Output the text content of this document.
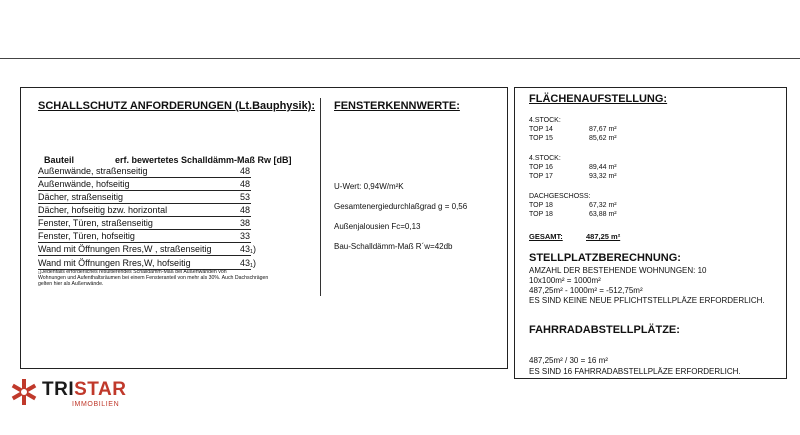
SCHALLSCHUTZ ANFORDERUNGEN (Lt.Bauphysik):
Bauteil	erf. bewertetes Schalldämm-Maß Rw [dB]
Außenwände, straßenseitig	48
Außenwände, hofseitig	48
Dächer, straßenseitig	53
Dächer, hofseitig bzw. horizontal	48
Fenster, Türen, straßenseitig	38
Fenster, Türen, hofseitig	33
Wand mit Öffnungen Rres,W , straßenseitig	43₁)
Wand mit Öffnungen Rres,W, hofseitig	43₁)
₁)Jedenfalls erforderliches resultierendes Schalldämm-Maß bei Außenwänden von
Wohnungen und Aufenthaltsräumen bei einem Fensteranteil von mehr als 30%. Auch Dachschrägen
gelten hier als Außenwände.
FENSTERKENNWERTE:
U-Wert: 0,94W/m²K
Gesamtenergiedurchlaßgrad g = 0,56
Außenjalousien Fc=0,13
Bau-Schalldämm-Maß R´w=42db
FLÄCHENAUFSTELLUNG:
4.STOCK:
TOP 14	87,67 m²
TOP 15	85,62 m²
4.STOCK:
TOP 16	89,44 m²
TOP 17	93,32 m²
DACHGESCHOSS:
TOP 18	67,32 m²
TOP 18	63,88 m²
GESAMT:	487,25 m²
STELLPLATZBERECHNUNG:
AMZAHL DER BESTEHENDE WOHNUNGEN: 10
10x100m² = 1000m²
487,25m² - 1000m² = -512,75m²
ES SIND KEINE NEUE PFLICHTSTELLPLÄZE ERFORDERLICH.
FAHRRADABSTELLPLÄTZE:
487,25m² / 30 = 16 m²
ES SIND 16 FAHRRADABSTELLPLÄZE ERFORDERLICH.
TRISTAR
IMMOBILIEN
